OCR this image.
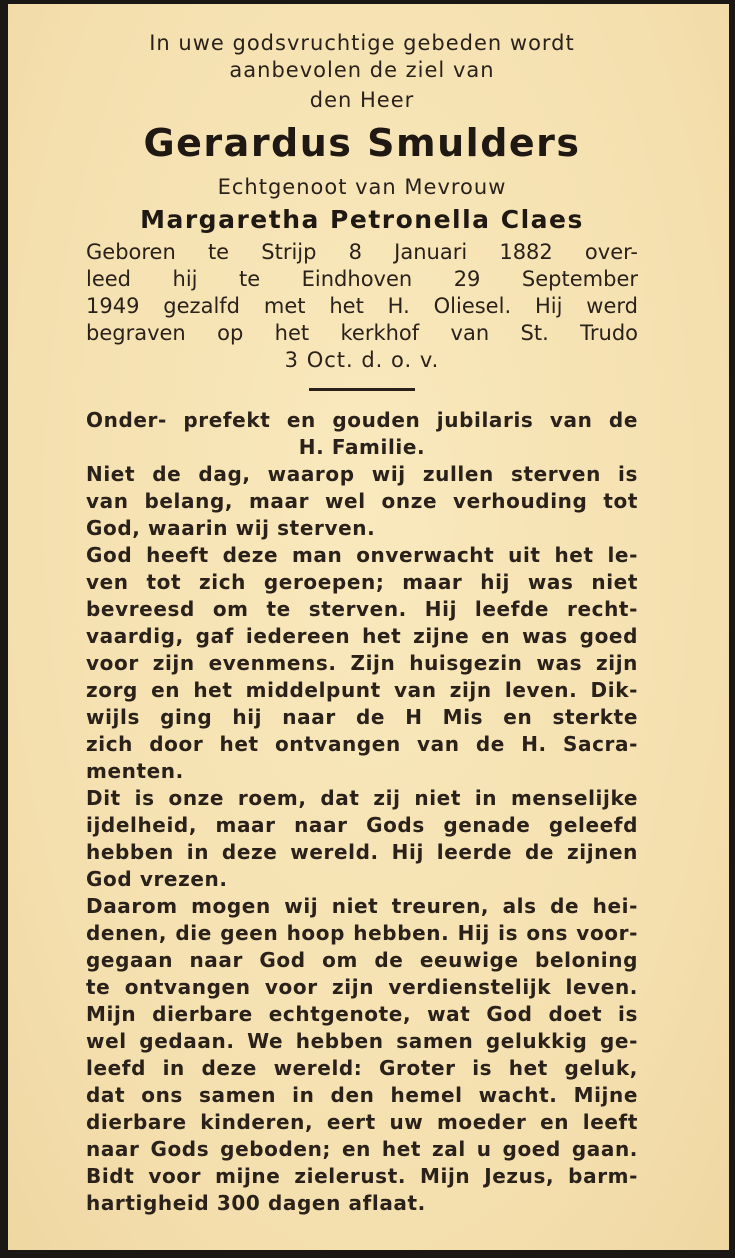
In uwe godsvruchtige gebeden wordt

aanbevolen de ziel van

den Heer

Gerardus Smulders

Echtgenoot van Mevrouw

Margaretha Petronella Claes

Geboren te Strijp 8 Januari 1882 over-

leed hij te Eindhoven 29 September

1949 gezalfd met het H. Oliesel. Hij werd

begraven op het kerkhof van St. Trudo

3 Oct. d. o. v.

Onder- prefekt en gouden jubilaris van de

H. Familie.

Niet de dag, waarop wij zullen sterven is

van belang, maar wel onze verhouding tot

God, waarin wij sterven.

God heeft deze man onverwacht uit het le-

ven tot zich geroepen; maar hij was niet

bevreesd om te sterven. Hij leefde recht-

vaardig, gaf iedereen het zijne en was goed

voor zijn evenmens. Zijn huisgezin was zijn

zorg en het middelpunt van zijn leven. Dik-

wijls ging hij naar de H Mis en sterkte

zich door het ontvangen van de H. Sacra-

menten.

Dit is onze roem, dat zij niet in menselijke

ijdelheid, maar naar Gods genade geleefd

hebben in deze wereld. Hij leerde de zijnen

God vrezen.

Daarom mogen wij niet treuren, als de hei-

denen, die geen hoop hebben. Hij is ons voor-

gegaan naar God om de eeuwige beloning

te ontvangen voor zijn verdienstelijk leven.

Mijn dierbare echtgenote, wat God doet is

wel gedaan. We hebben samen gelukkig ge-

leefd in deze wereld: Groter is het geluk,

dat ons samen in den hemel wacht. Mijne

dierbare kinderen, eert uw moeder en leeft

naar Gods geboden; en het zal u goed gaan.

Bidt voor mijne zielerust. Mijn Jezus, barm-

hartigheid 300 dagen aflaat.
